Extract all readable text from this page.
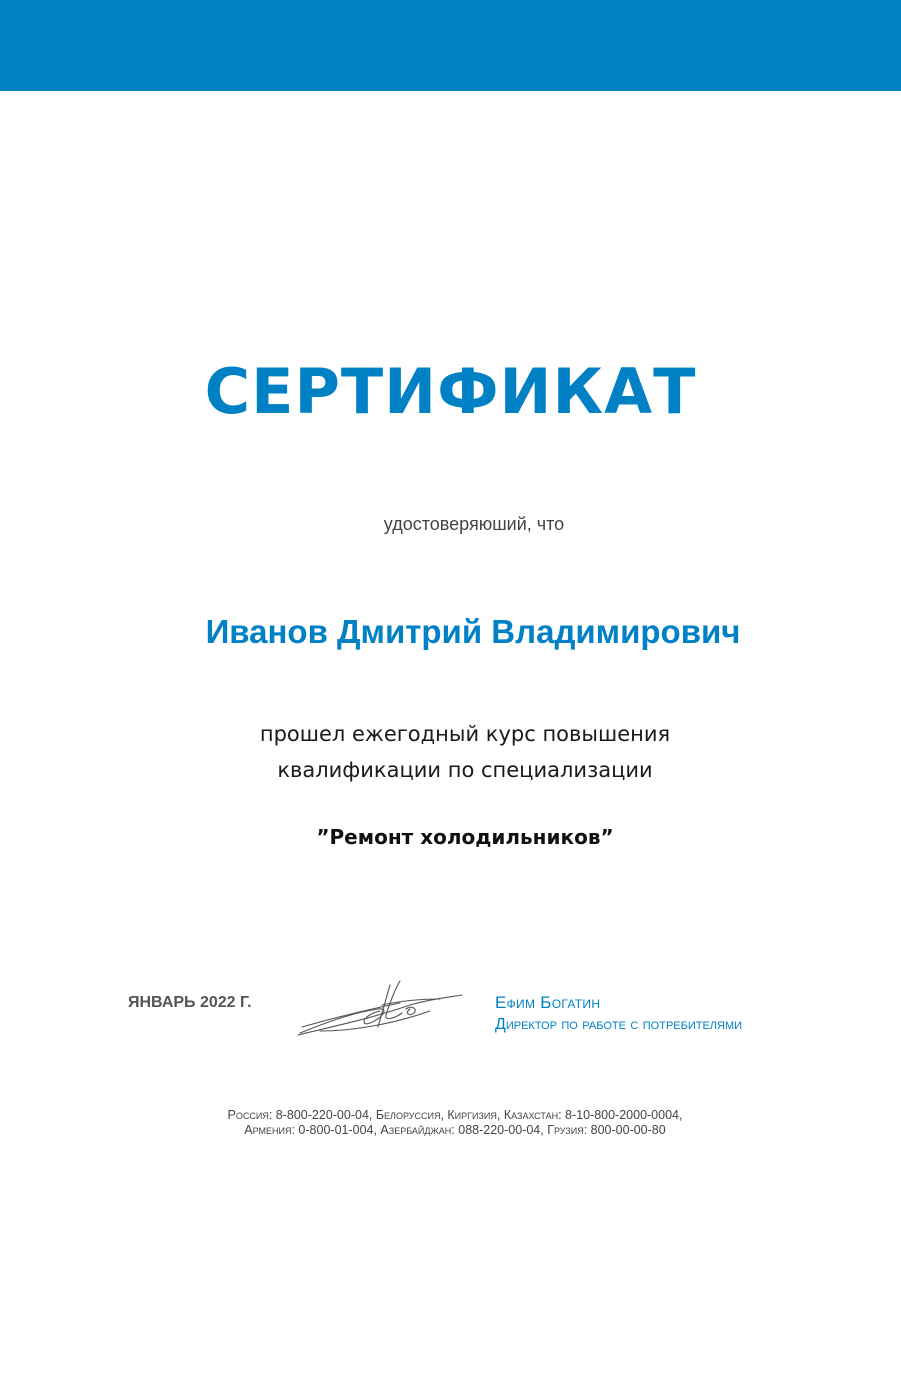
СЕРТИФИКАТ
удостоверяюший, что
Иванов Дмитрий Владимирович
прошел ежегодный курс повышения
квалификации по специализации
”Ремонт холодильников”
ЯНВАРЬ 2022 Г.	Ефим Богатин
Директор по работе с потребителями
Россия: 8-800-220-00-04, Белоруссия, Киргизия, Казахстан: 8-10-800-2000-0004,
Армения: 0-800-01-004, Азербайджан: 088-220-00-04, Грузия: 800-00-00-80
